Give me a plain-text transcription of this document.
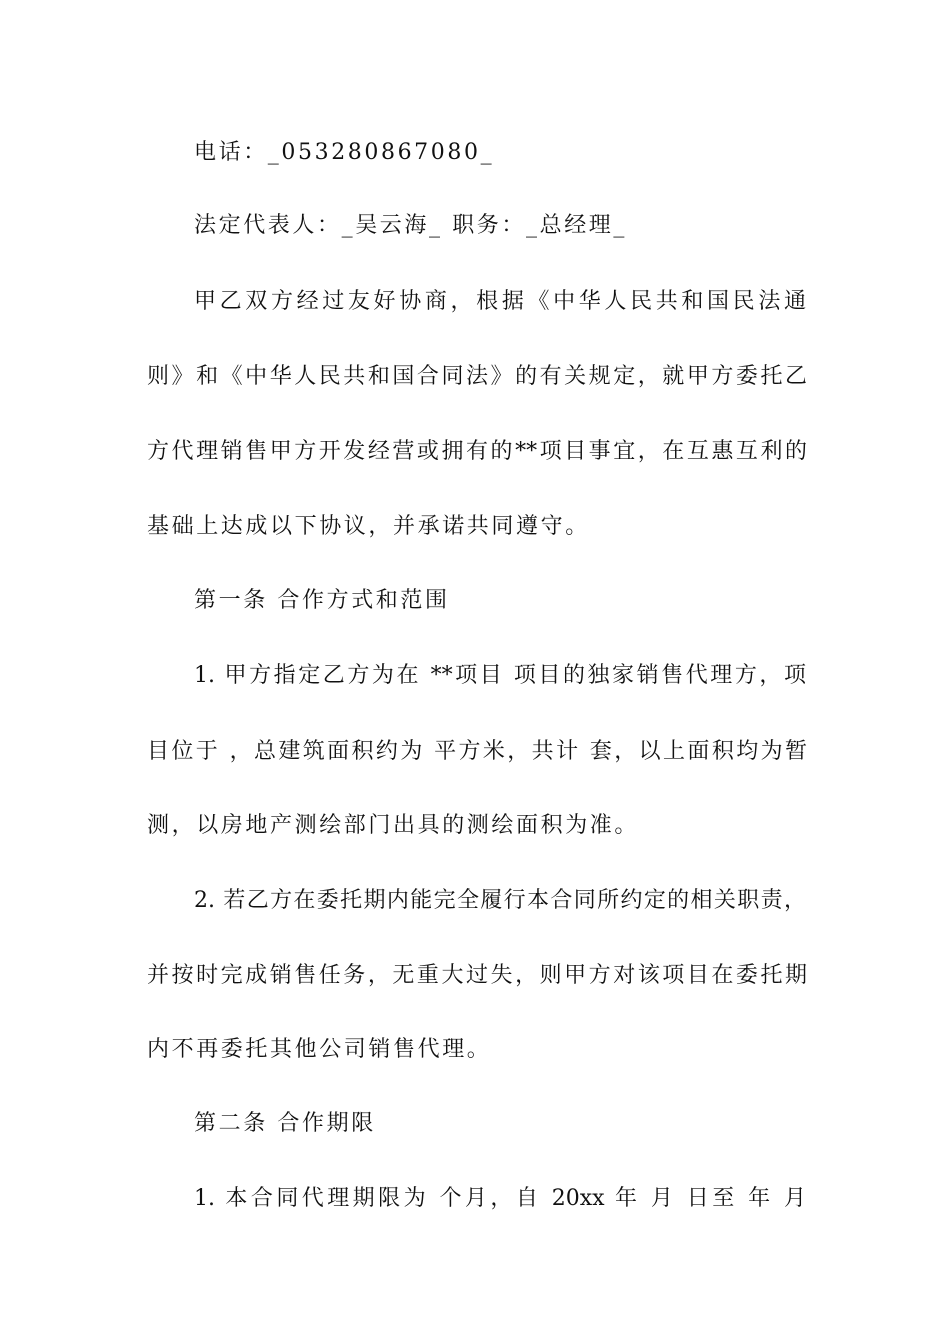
电话：_053280867080_
法定代表人：_吴云海_ 职务：_总经理_
甲乙双方经过友好协商，根据《中华人民共和国民法通
则》和《中华人民共和国合同法》的有关规定，就甲方委托乙
方代理销售甲方开发经营或拥有的**项目事宜，在互惠互利的
基础上达成以下协议，并承诺共同遵守。
第一条 合作方式和范围
1. 甲方指定乙方为在 **项目 项目的独家销售代理方，项
目位于 ，总建筑面积约为 平方米，共计 套，以上面积均为暂
测，以房地产测绘部门出具的测绘面积为准。
2. 若乙方在委托期内能完全履行本合同所约定的相关职责，
并按时完成销售任务，无重大过失，则甲方对该项目在委托期
内不再委托其他公司销售代理。
第二条 合作期限
1. 本合同代理期限为 个月，自 20xx 年 月 日至 年 月
